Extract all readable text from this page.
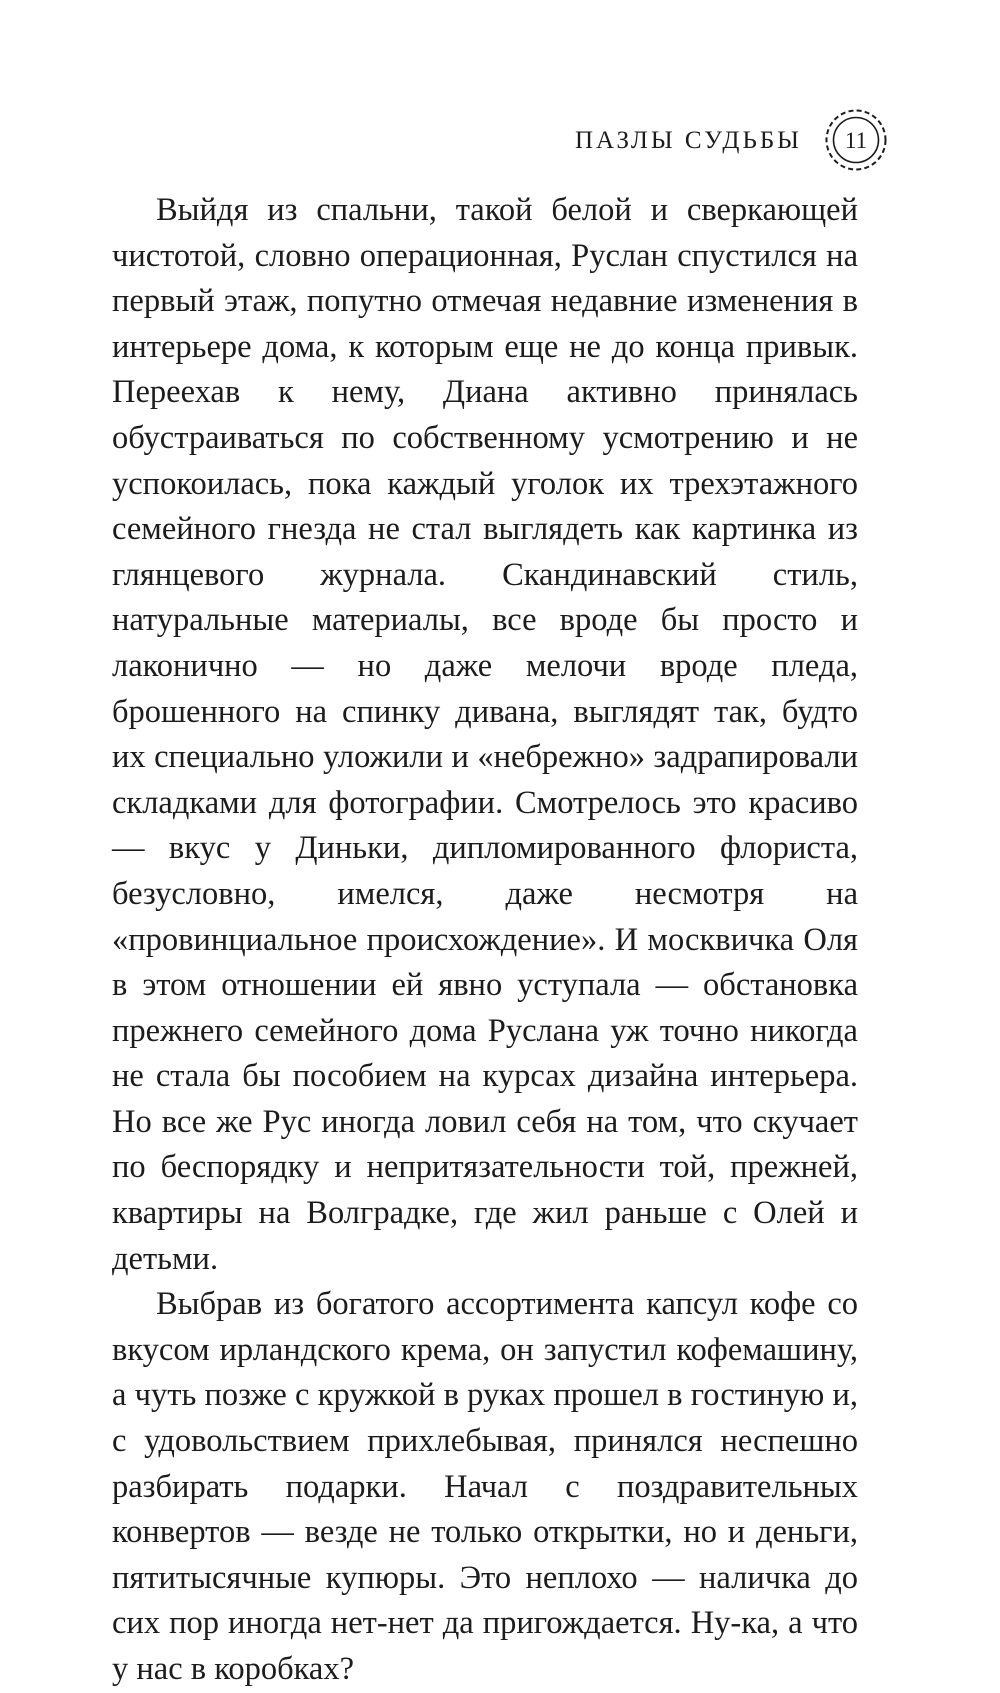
ПАЗЛЫ СУДЬБЫ	11

Выйдя из спальни, такой белой и сверкающей чистотой, словно операционная, Руслан спустился на первый этаж, попутно отмечая недавние изменения в интерьере дома, к которым еще не до конца привык. Переехав к нему, Диана активно принялась обустраиваться по собственному усмотрению и не успокоилась, пока каждый уголок их трехэтажного семейного гнезда не стал выглядеть как картинка из глянцевого журнала. Скандинавский стиль, натуральные материалы, все вроде бы просто и лаконично — но даже мелочи вроде пледа, брошенного на спинку дивана, выглядят так, будто их специально уложили и «небрежно» задрапировали складками для фотографии. Смотрелось это красиво — вкус у Диньки, дипломированного флориста, безусловно, имелся, даже несмотря на «провинциальное происхождение». И москвичка Оля в этом отношении ей явно уступала — обстановка прежнего семейного дома Руслана уж точно никогда не стала бы пособием на курсах дизайна интерьера. Но все же Рус иногда ловил себя на том, что скучает по беспорядку и непритязательности той, прежней, квартиры на Волградке, где жил раньше с Олей и детьми.

Выбрав из богатого ассортимента капсул кофе со вкусом ирландского крема, он запустил кофемашину, а чуть позже с кружкой в руках прошел в гостиную и, с удовольствием прихлебывая, принялся неспешно разбирать подарки. Начал с поздравительных конвертов — везде не только открытки, но и деньги, пятитысячные купюры. Это неплохо — наличка до сих пор иногда нет-нет да пригождается. Ну-ка, а что у нас в коробках?
